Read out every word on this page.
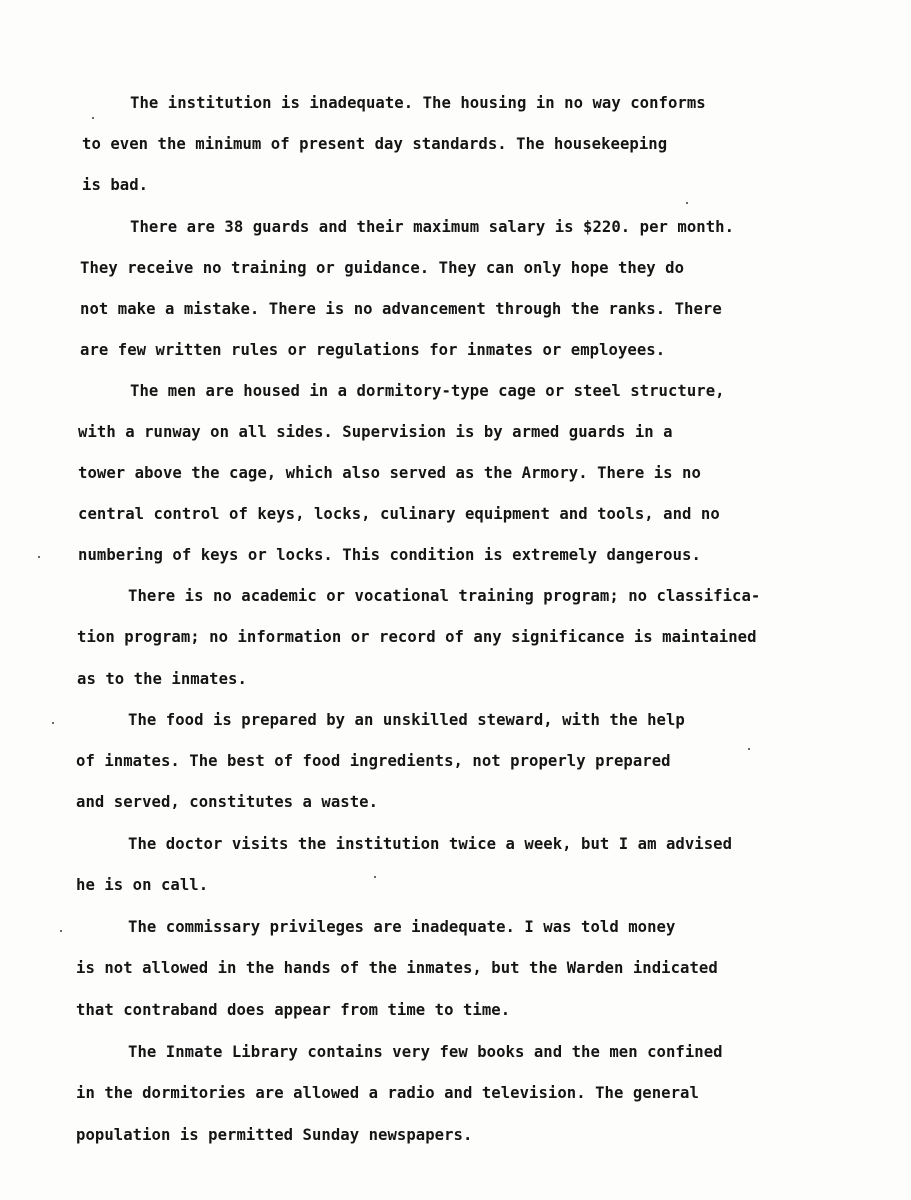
The institution is inadequate. The housing in no way conforms
to even the minimum of present day standards. The housekeeping
is bad.
There are 38 guards and their maximum salary is $220. per month.
They receive no training or guidance. They can only hope they do
not make a mistake. There is no advancement through the ranks. There
are few written rules or regulations for inmates or employees.
The men are housed in a dormitory-type cage or steel structure,
with a runway on all sides. Supervision is by armed guards in a
tower above the cage, which also served as the Armory. There is no
central control of keys, locks, culinary equipment and tools, and no
numbering of keys or locks. This condition is extremely dangerous.
There is no academic or vocational training program; no classifica-
tion program; no information or record of any significance is maintained
as to the inmates.
The food is prepared by an unskilled steward, with the help
of inmates. The best of food ingredients, not properly prepared
and served, constitutes a waste.
The doctor visits the institution twice a week, but I am advised
he is on call.
The commissary privileges are inadequate. I was told money
is not allowed in the hands of the inmates, but the Warden indicated
that contraband does appear from time to time.
The Inmate Library contains very few books and the men confined
in the dormitories are allowed a radio and television. The general
population is permitted Sunday newspapers.
